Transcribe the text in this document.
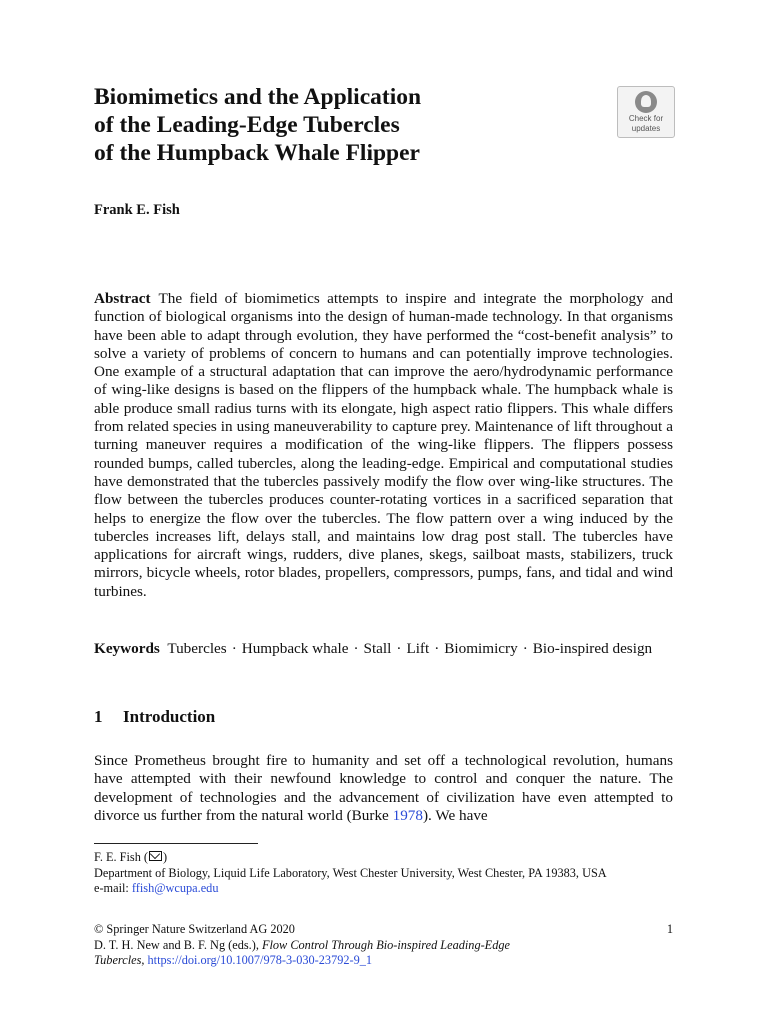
Biomimetics and the Application
of the Leading-Edge Tubercles
of the Humpback Whale Flipper
Check for
updates
Frank E. Fish
Abstract The field of biomimetics attempts to inspire and integrate the morphology and function of biological organisms into the design of human-made technology. In that organisms have been able to adapt through evolution, they have performed the “cost-benefit analysis” to solve a variety of problems of concern to humans and can potentially improve technologies. One example of a structural adaptation that can improve the aero/hydrodynamic performance of wing-like designs is based on the flippers of the humpback whale. The humpback whale is able produce small radius turns with its elongate, high aspect ratio flippers. This whale differs from related species in using maneuverability to capture prey. Maintenance of lift throughout a turning maneuver requires a modification of the wing-like flippers. The flippers possess rounded bumps, called tubercles, along the leading-edge. Empirical and computational studies have demonstrated that the tubercles passively modify the flow over wing-like structures. The flow between the tubercles produces counter-rotating vortices in a sacrificed separation that helps to energize the flow over the tubercles. The flow pattern over a wing induced by the tubercles increases lift, delays stall, and maintains low drag post stall. The tubercles have applications for aircraft wings, rudders, dive planes, skegs, sailboat masts, stabilizers, truck mirrors, bicycle wheels, rotor blades, propellers, compressors, pumps, fans, and tidal and wind turbines.
Keywords Tubercles · Humpback whale · Stall · Lift · Biomimicry · Bio-inspired design
1 Introduction
Since Prometheus brought fire to humanity and set off a technological revolution, humans have attempted with their newfound knowledge to control and conquer the nature. The development of technologies and the advancement of civilization have even attempted to divorce us further from the natural world (Burke 1978). We have
F. E. Fish ( )
Department of Biology, Liquid Life Laboratory, West Chester University, West Chester, PA 19383, USA
e-mail: ffish@wcupa.edu
1
© Springer Nature Switzerland AG 2020
D. T. H. New and B. F. Ng (eds.), Flow Control Through Bio-inspired Leading-Edge
Tubercles, https://doi.org/10.1007/978-3-030-23792-9_1
